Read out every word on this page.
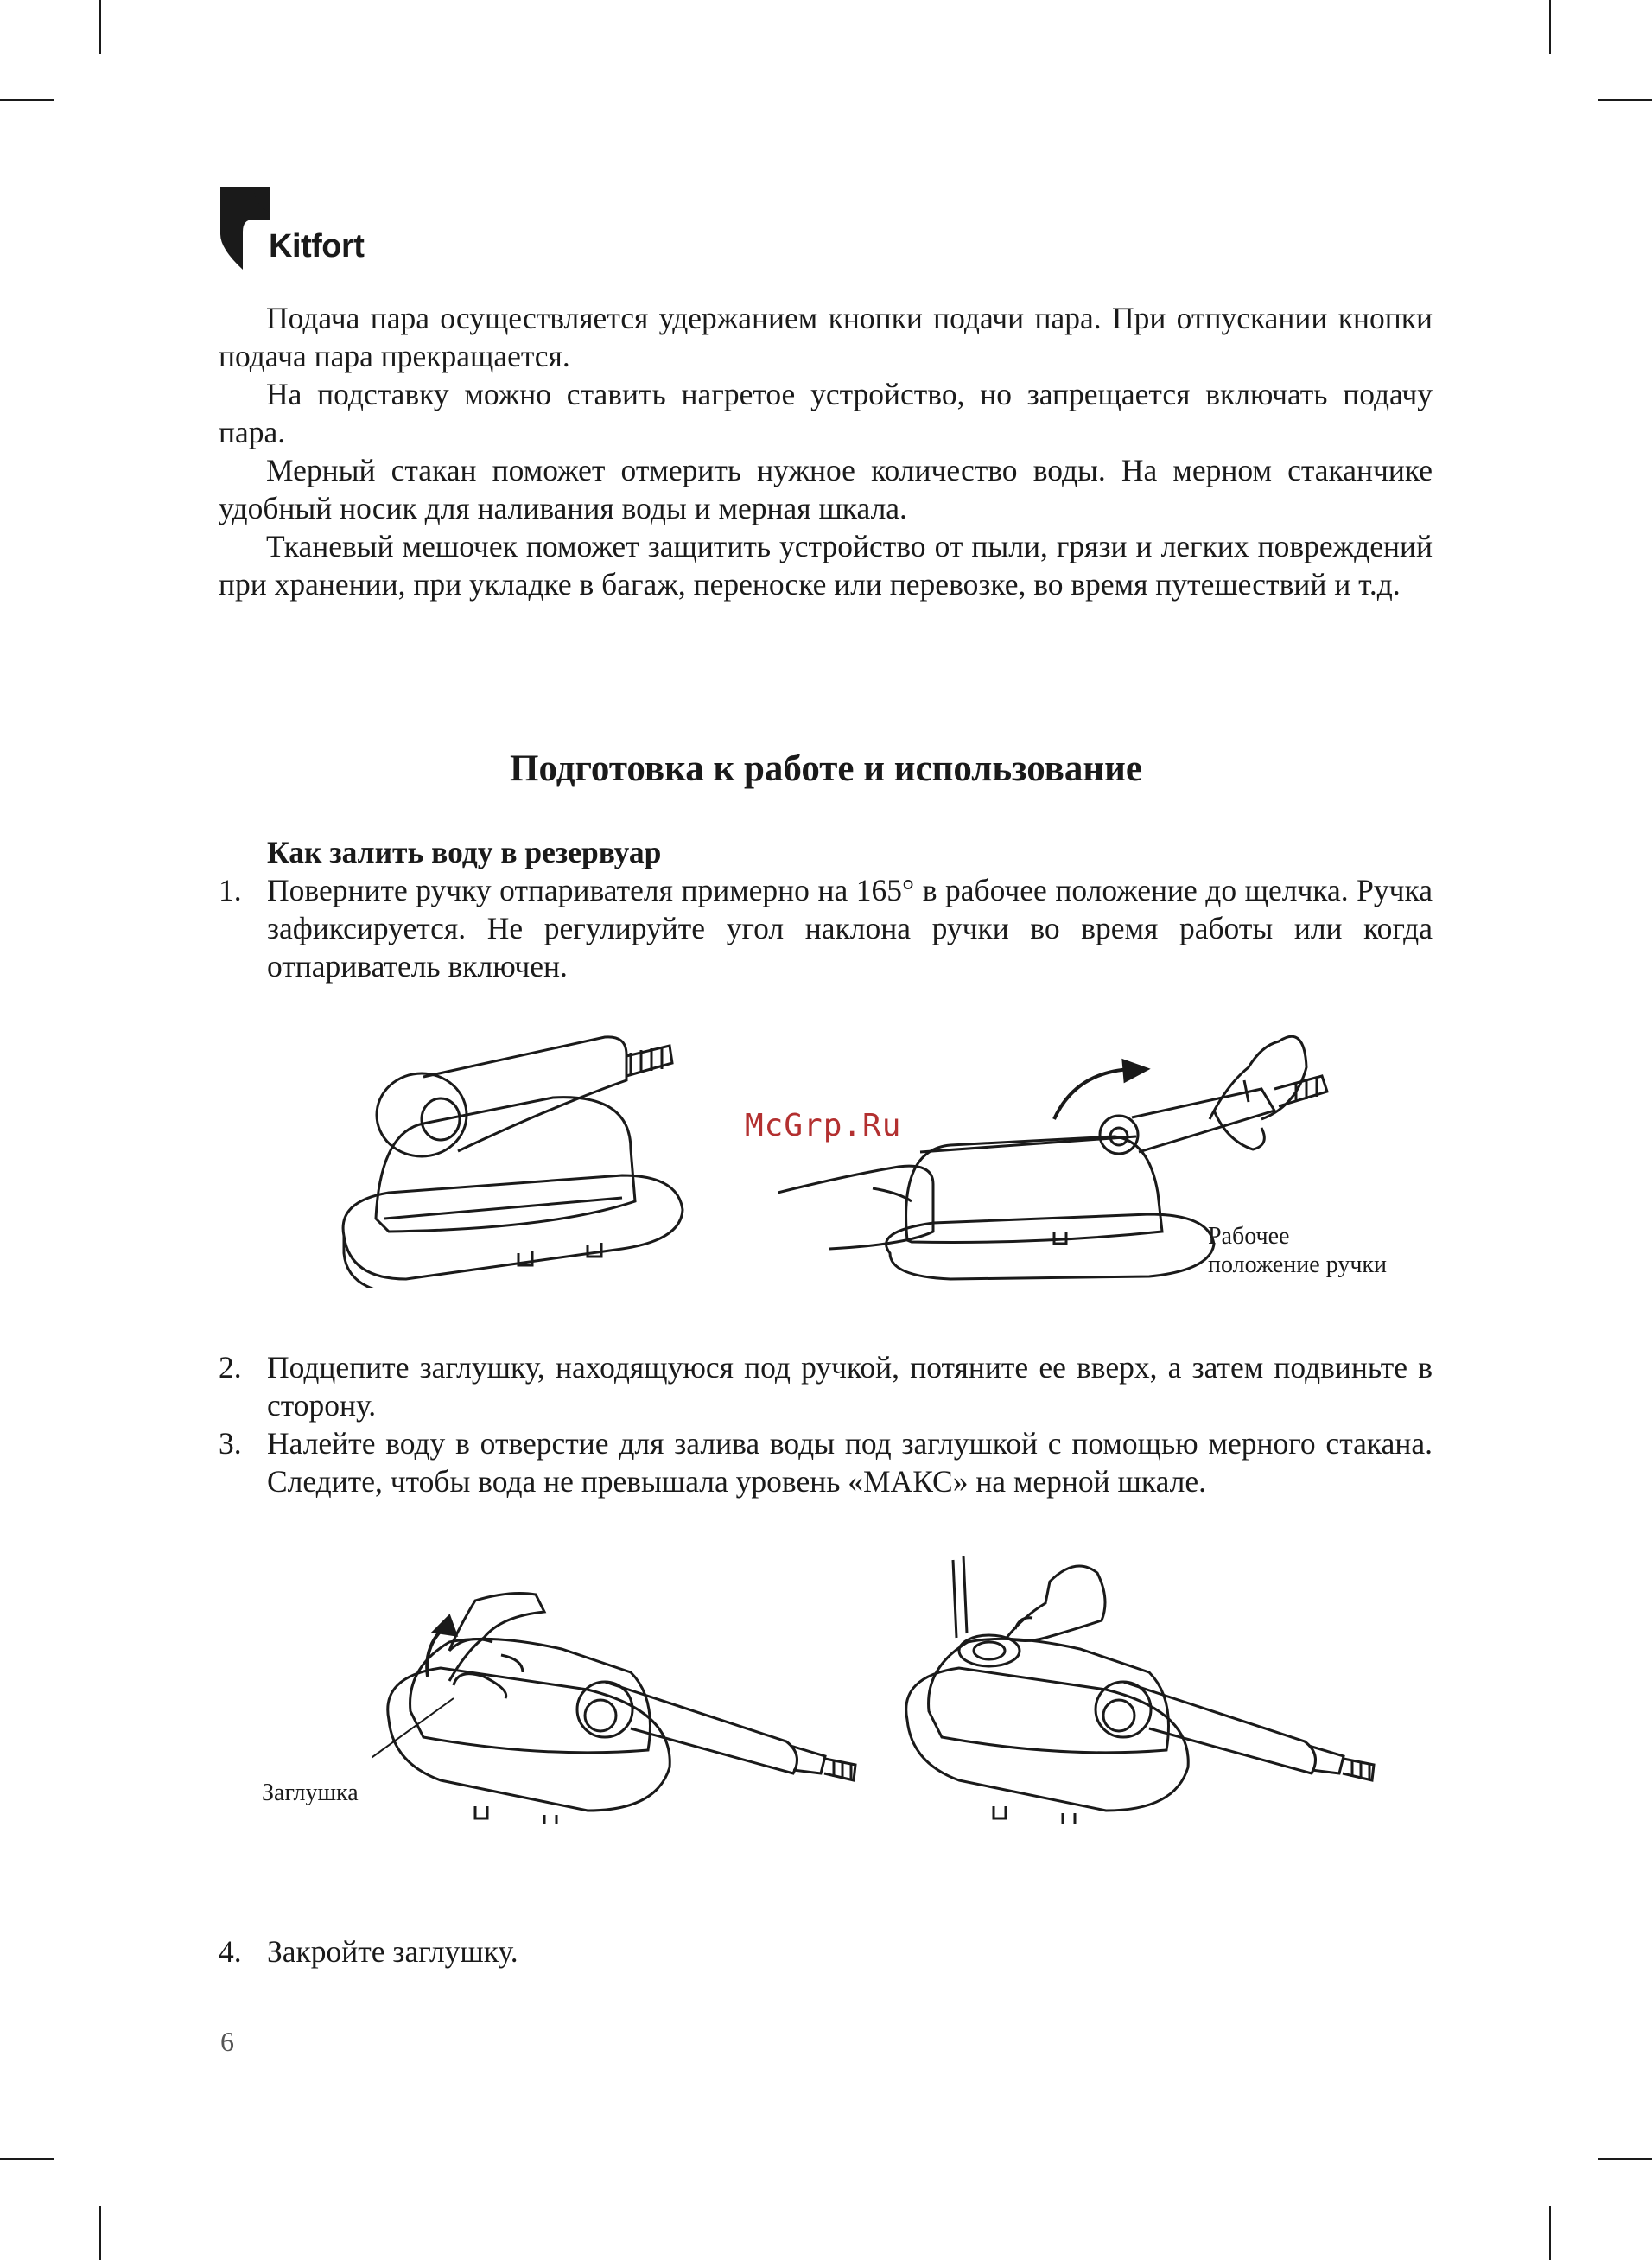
Kitfort

Подача пара осуществляется удержанием кнопки подачи пара. При отпускании кнопки подача пара прекращается.

На подставку можно ставить нагретое устройство, но запрещается включать подачу пара.

Мерный стакан поможет отмерить нужное количество воды. На мерном стаканчике удобный носик для наливания воды и мерная шкала.

Тканевый мешочек поможет защитить устройство от пыли, грязи и легких повреждений при хранении, при укладке в багаж, переноске или перевозке, во время путешествий и т.д.

Подготовка к работе и использование
Как залить воду в резервуар
1. Поверните ручку отпаривателя примерно на 165° в рабочее положение до щелчка. Ручка зафиксируется. Не регулируйте угол наклона ручки во время работы или когда отпариватель включен.
Рабочее
положение ручки
McGrp.Ru
2. Подцепите заглушку, находящуюся под ручкой, потяните ее вверх, а затем подвиньте в сторону.
3. Налейте воду в отверстие для залива воды под заглушкой с помощью мерного стакана. Следите, чтобы вода не превышала уровень «МАКС» на мерной шкале.
Заглушка
4. Закройте заглушку.
6
